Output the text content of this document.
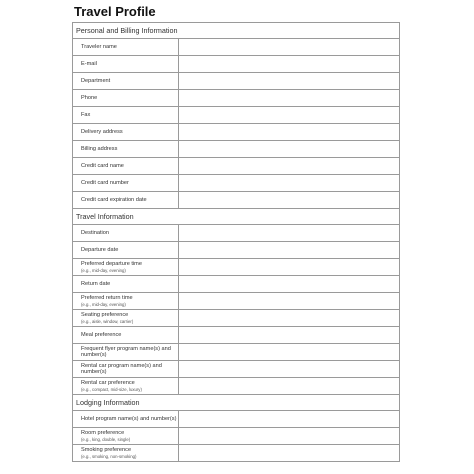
Travel Profile
Personal and Billing Information
Traveler name
E-mail
Department
Phone
Fax
Delivery address
Billing address
Credit card name
Credit card number
Credit card expiration date
Travel Information
Destination
Departure date
Preferred departure time
(e.g., mid-day, evening)
Return date
Preferred return time
(e.g., mid-day, evening)
Seating preference
(e.g., aisle, window, carrier)
Meal preference
Frequent flyer program name(s) and number(s)
Rental car program name(s) and number(s)
Rental car preference
(e.g., compact, mid-size, luxury)
Lodging Information
Hotel program name(s) and number(s)
Room preference
(e.g., king, double, single)
Smoking preference
(e.g., smoking, non-smoking)
